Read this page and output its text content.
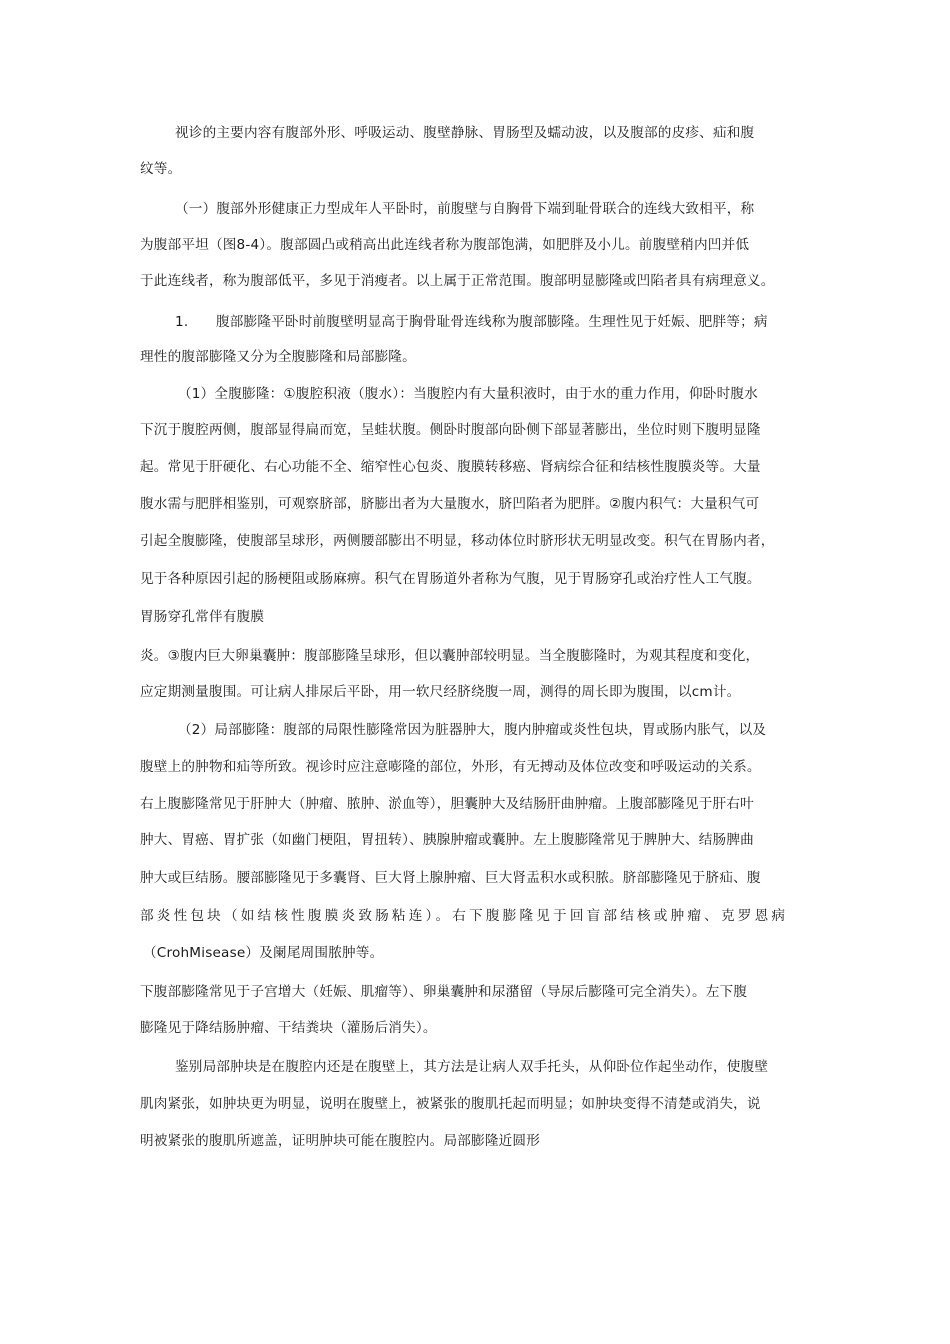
视诊的主要内容有腹部外形、呼吸运动、腹壁静脉、胃肠型及蠕动波，以及腹部的皮疹、疝和腹
纹等。
（一）腹部外形健康正力型成年人平卧时，前腹壁与自胸骨下端到耻骨联合的连线大致相平，称
为腹部平坦（图8-4）。腹部圆凸或稍高出此连线者称为腹部饱满，如肥胖及小儿。前腹壁稍内凹并低
于此连线者，称为腹部低平，多见于消瘦者。以上属于正常范围。腹部明显膨隆或凹陷者具有病理意义。
1.　　腹部膨隆平卧时前腹壁明显高于胸骨耻骨连线称为腹部膨隆。生理性见于妊娠、肥胖等；病
理性的腹部膨隆又分为全腹膨隆和局部膨隆。
（1）全腹膨隆：①腹腔积液（腹水）：当腹腔内有大量积液时，由于水的重力作用，仰卧时腹水
下沉于腹腔两侧，腹部显得扁而宽，呈蛙状腹。侧卧时腹部向卧侧下部显著膨出，坐位时则下腹明显隆
起。常见于肝硬化、右心功能不全、缩窄性心包炎、腹膜转移癌、肾病综合征和结核性腹膜炎等。大量
腹水需与肥胖相鉴别，可观察脐部，脐膨出者为大量腹水，脐凹陷者为肥胖。②腹内积气：大量积气可
引起全腹膨隆，使腹部呈球形，两侧腰部膨出不明显，移动体位时脐形状无明显改变。积气在胃肠内者，
见于各种原因引起的肠梗阻或肠麻痹。积气在胃肠道外者称为气腹，见于胃肠穿孔或治疗性人工气腹。
胃肠穿孔常伴有腹膜
炎。③腹内巨大卵巢囊肿：腹部膨隆呈球形，但以囊肿部较明显。当全腹膨隆时，为观其程度和变化，
应定期测量腹围。可让病人排尿后平卧，用一软尺经脐绕腹一周，测得的周长即为腹围，以cm计。
（2）局部膨隆：腹部的局限性膨隆常因为脏器肿大，腹内肿瘤或炎性包块，胃或肠内胀气，以及
腹壁上的肿物和疝等所致。视诊时应注意嘭隆的部位，外形，有无搏动及体位改变和呼吸运动的关系。
右上腹膨隆常见于肝肿大（肿瘤、脓肿、淤血等），胆囊肿大及结肠肝曲肿瘤。上腹部膨隆见于肝右叶
肿大、胃癌、胃扩张（如幽门梗阻，胃扭转）、胰腺肿瘤或囊肿。左上腹膨隆常见于脾肿大、结肠脾曲
肿大或巨结肠。腰部膨隆见于多囊肾、巨大肾上腺肿瘤、巨大肾盂积水或积脓。脐部膨隆见于脐疝、腹
部炎性包块（如结核性腹膜炎致肠粘连）。右下腹膨隆见于回盲部结核或肿瘤、克罗恩病
（CrohMisease）及阑尾周围脓肿等。
下腹部膨隆常见于子宫增大（妊娠、肌瘤等）、卵巢囊肿和尿潴留（导尿后膨隆可完全消失）。左下腹
膨隆见于降结肠肿瘤、干结粪块（灌肠后消失）。
鉴别局部肿块是在腹腔内还是在腹壁上，其方法是让病人双手托头，从仰卧位作起坐动作，使腹壁
肌肉紧张，如肿块更为明显，说明在腹壁上，被紧张的腹肌托起而明显；如肿块变得不清楚或消失，说
明被紧张的腹肌所遮盖，证明肿块可能在腹腔内。局部膨隆近圆形
